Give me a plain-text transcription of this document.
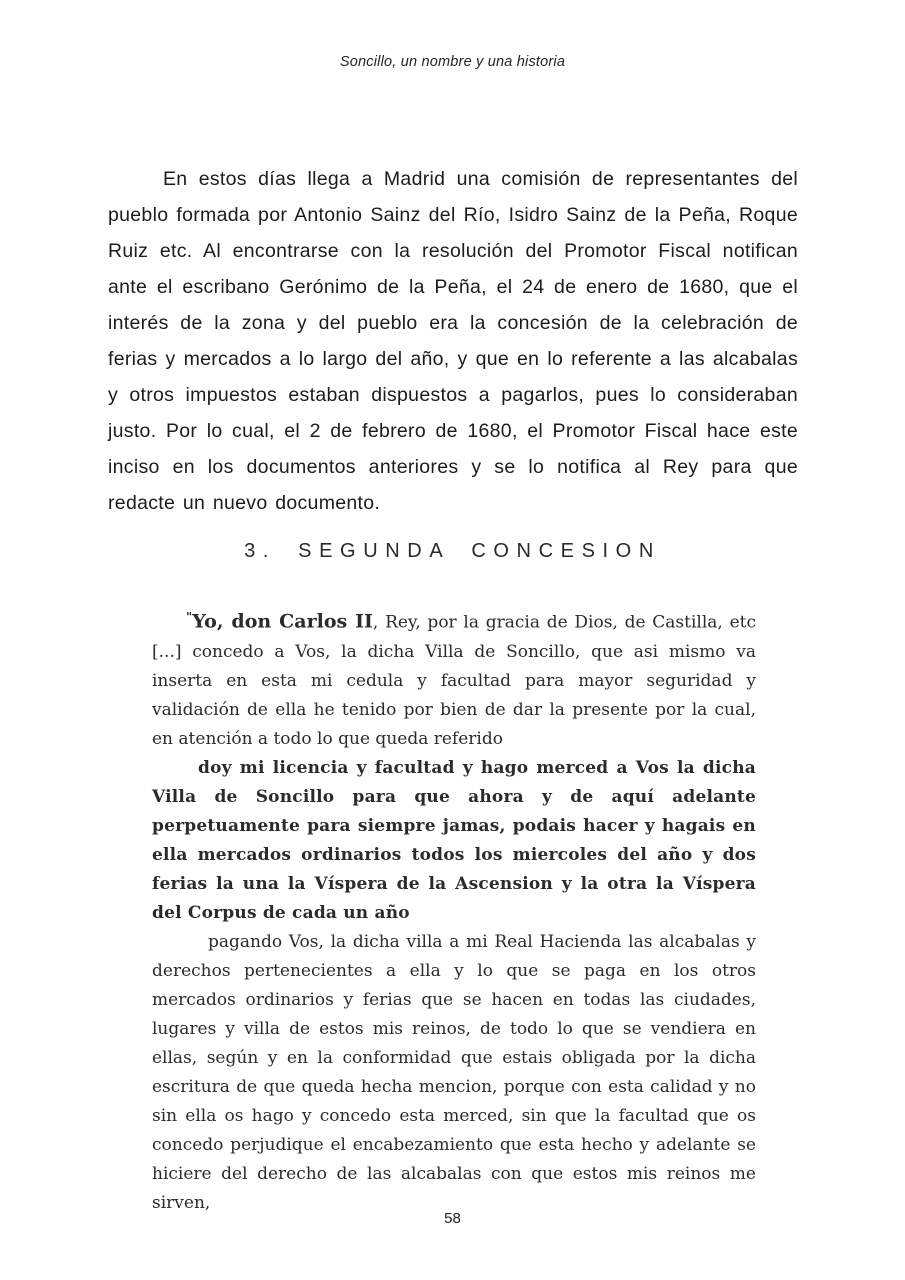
Soncillo, un nombre y una historia

En estos días llega a Madrid una comisión de representantes del pueblo formada por Antonio Sainz del Río, Isidro Sainz de la Peña, Roque Ruiz etc. Al encontrarse con la resolución del Promotor Fiscal notifican ante el escribano Gerónimo de la Peña, el 24 de enero de 1680, que el interés de la zona y del pueblo era la concesión de la celebración de ferias y mercados a lo largo del año, y que en lo referente a las alcabalas y otros impuestos estaban dispuestos a pagarlos, pues lo consideraban justo. Por lo cual, el 2 de febrero de 1680, el Promotor Fiscal hace este inciso en los documentos anteriores y se lo notifica al Rey para que redacte un nuevo documento.

3. SEGUNDA CONCESION

"Yo, don Carlos II, Rey, por la gracia de Dios, de Castilla, etc [...] concedo a Vos, la dicha Villa de Soncillo, que asi mismo va inserta en esta mi cedula y facultad para mayor seguridad y validación de ella he tenido por bien de dar la presente por la cual, en atención a todo lo que queda referido

doy mi licencia y facultad y hago merced a Vos la dicha Villa de Soncillo para que ahora y de aquí adelante perpetuamente para siempre jamas, podais hacer y hagais en ella mercados ordinarios todos los miercoles del año y dos ferias la una la Víspera de la Ascension y la otra la Víspera del Corpus de cada un año

pagando Vos, la dicha villa a mi Real Hacienda las alcabalas y derechos pertenecientes a ella y lo que se paga en los otros mercados ordinarios y ferias que se hacen en todas las ciudades, lugares y villa de estos mis reinos, de todo lo que se vendiera en ellas, según y en la conformidad que estais obligada por la dicha escritura de que queda hecha mencion, porque con esta calidad y no sin ella os hago y concedo esta merced, sin que la facultad que os concedo perjudique el encabezamiento que esta hecho y adelante se hiciere del derecho de las alcabalas con que estos mis reinos me sirven,

58
